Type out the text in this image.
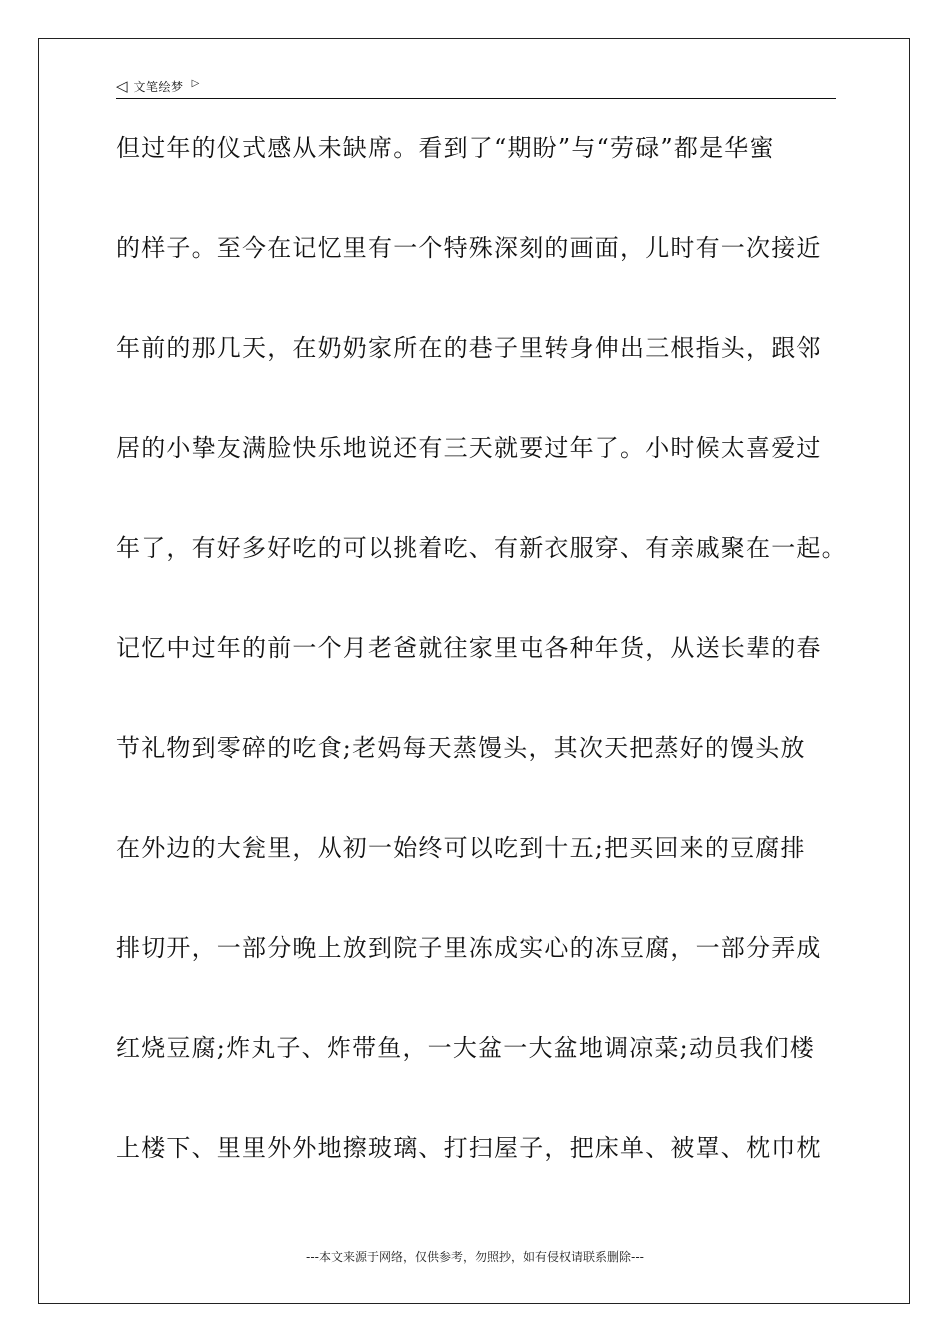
◁ 文笔绘梦 ▷
但过年的仪式感从未缺席。看到了“期盼”与“劳碌”都是华蜜
的样子。至今在记忆里有一个特殊深刻的画面，儿时有一次接近
年前的那几天，在奶奶家所在的巷子里转身伸出三根指头，跟邻
居的小挚友满脸快乐地说还有三天就要过年了。小时候太喜爱过
年了，有好多好吃的可以挑着吃、有新衣服穿、有亲戚聚在一起。
记忆中过年的前一个月老爸就往家里屯各种年货，从送长辈的春
节礼物到零碎的吃食;老妈每天蒸馒头，其次天把蒸好的馒头放
在外边的大瓮里，从初一始终可以吃到十五;把买回来的豆腐排
排切开，一部分晚上放到院子里冻成实心的冻豆腐，一部分弄成
红烧豆腐;炸丸子、炸带鱼，一大盆一大盆地调凉菜;动员我们楼
上楼下、里里外外地擦玻璃、打扫屋子，把床单、被罩、枕巾枕
---本文来源于网络，仅供参考，勿照抄，如有侵权请联系删除---
